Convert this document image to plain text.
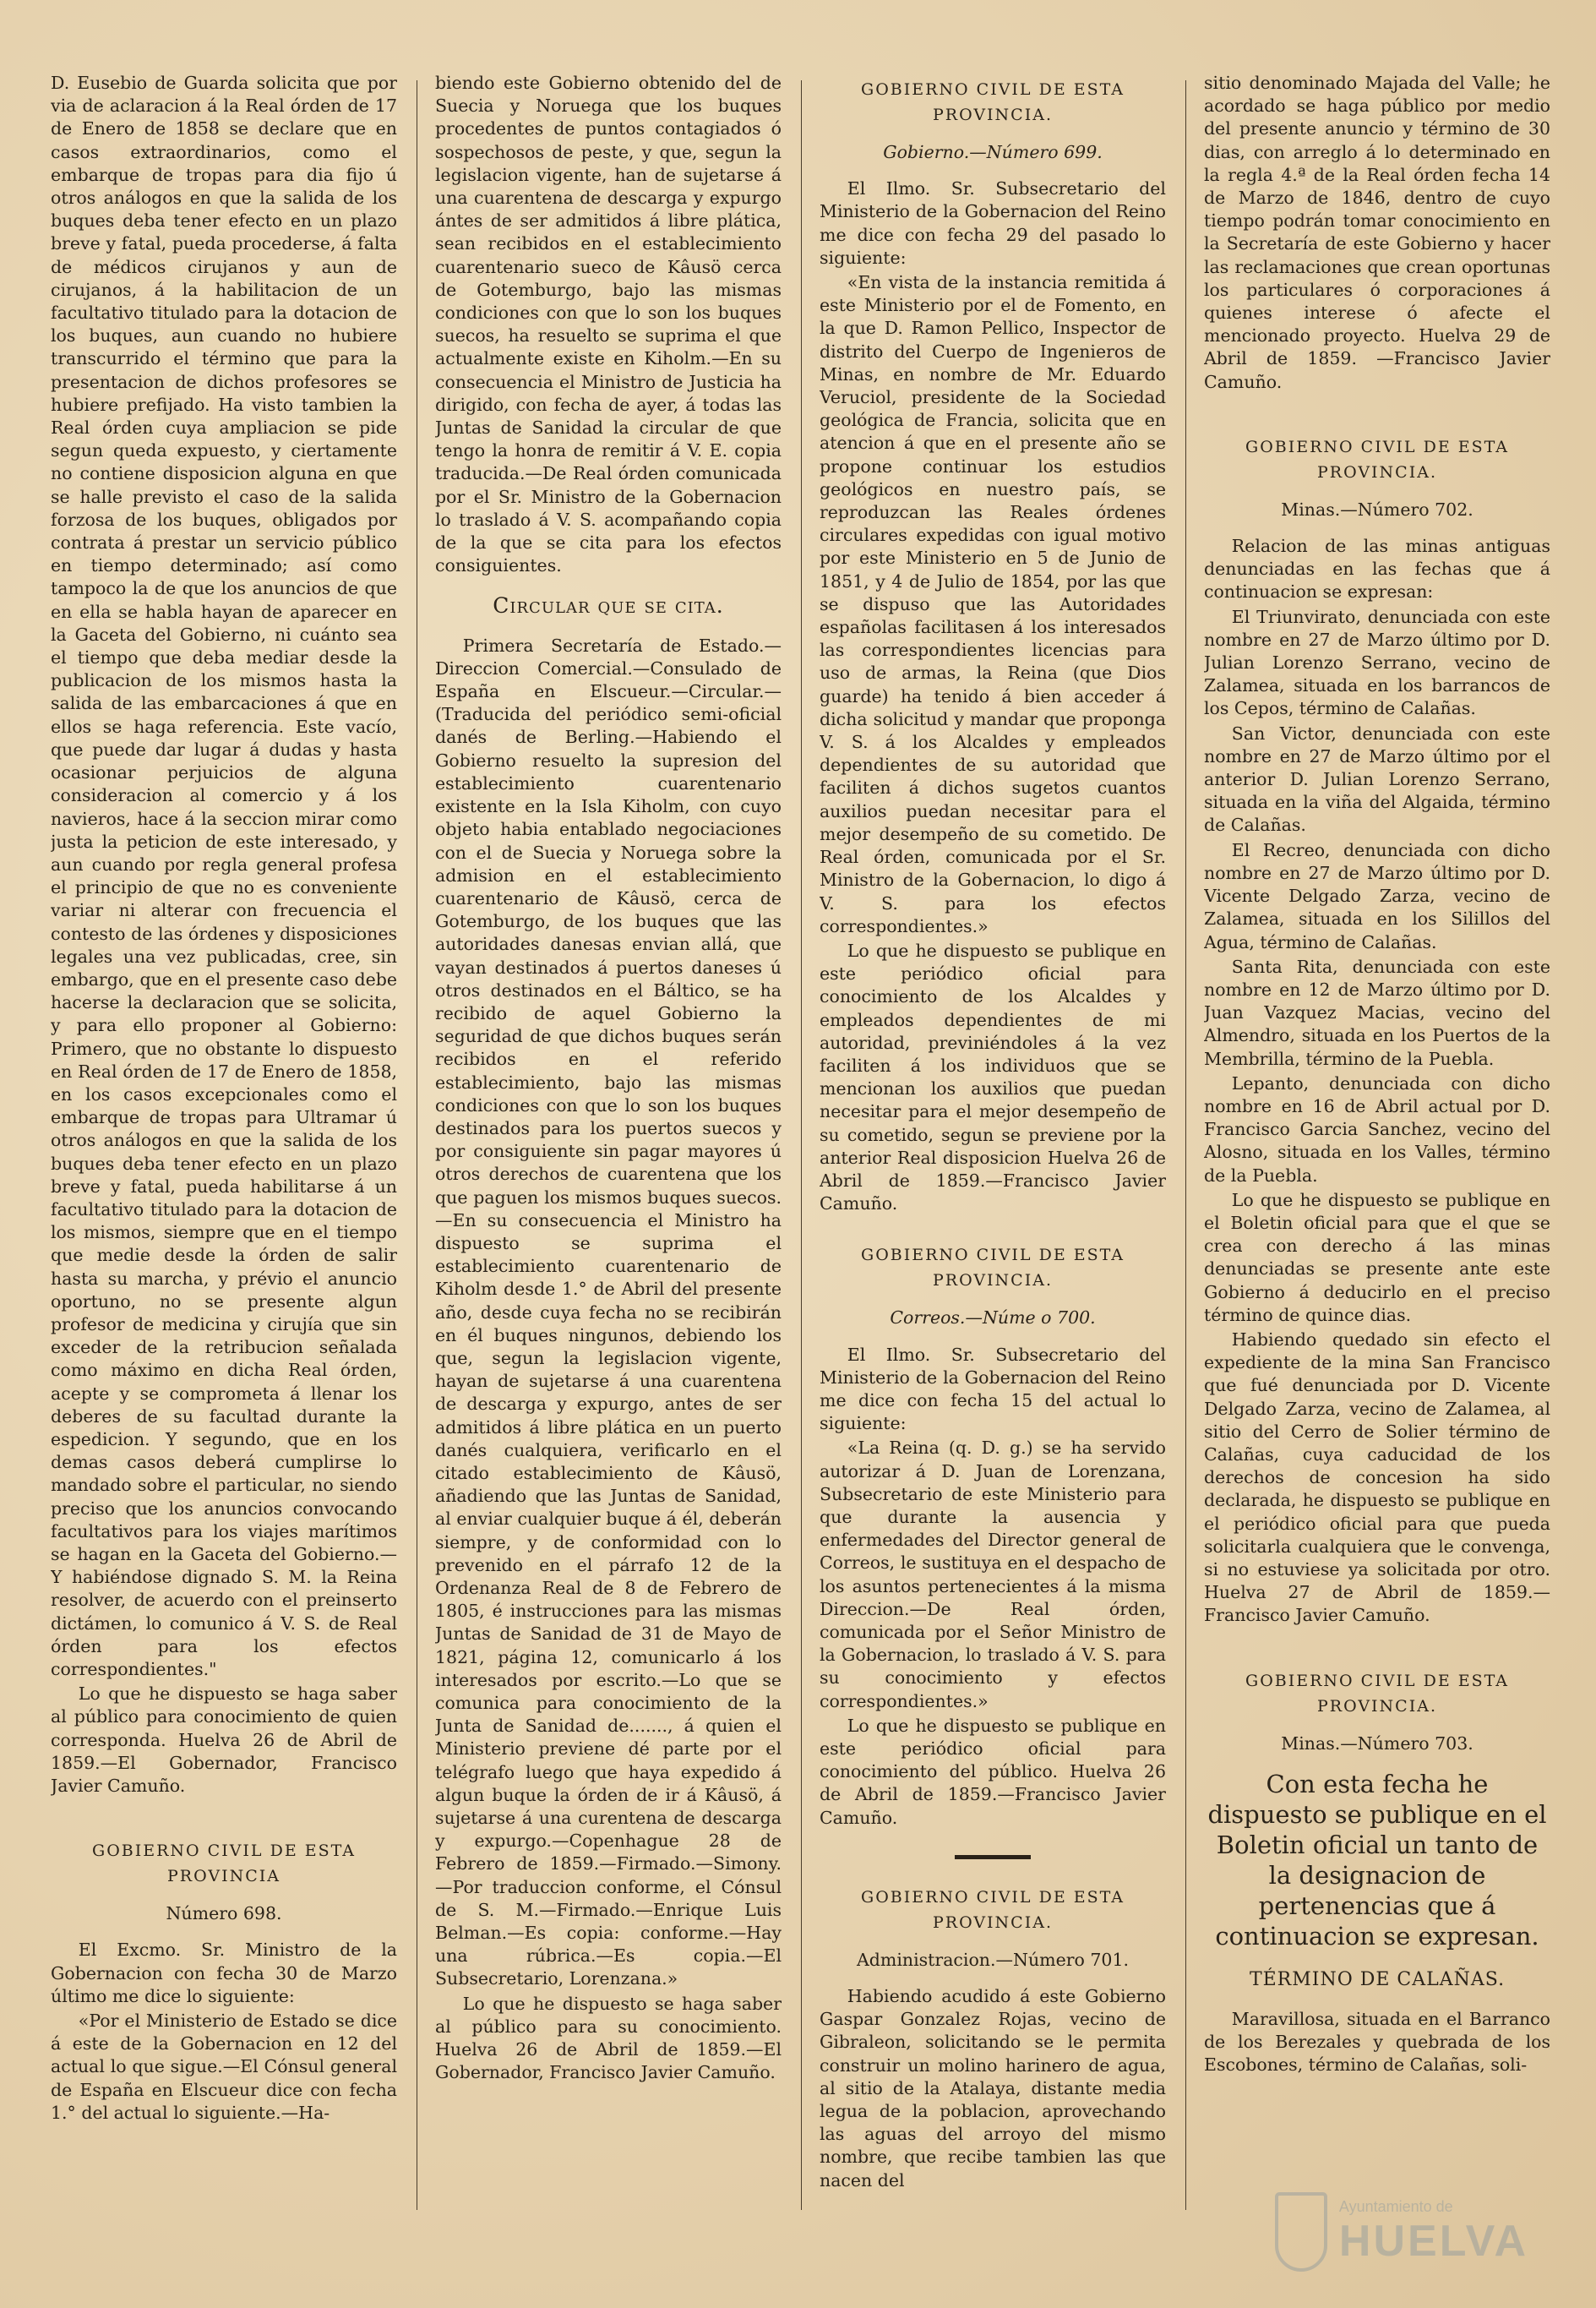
D. Eusebio de Guarda solicita que por via de aclaracion á la Real órden de 17 de Enero de 1858 se declare que en casos extraordinarios, como el embarque de tropas para dia fijo ú otros análogos en que la salida de los buques deba tener efecto en un plazo breve y fatal, pueda procederse, á falta de médicos cirujanos y aun de cirujanos, á la habilitacion de un facultativo titulado para la dotacion de los buques, aun cuando no hubiere transcurrido el término que para la presentacion de dichos profesores se hubiere prefijado. Ha visto tambien la Real órden cuya ampliacion se pide segun queda expuesto, y ciertamente no contiene disposicion alguna en que se halle previsto el caso de la salida forzosa de los buques, obligados por contrata á prestar un servicio público en tiempo determinado; así como tampoco la de que los anuncios de que en ella se habla hayan de aparecer en la Gaceta del Gobierno, ni cuánto sea el tiempo que deba mediar desde la publicacion de los mismos hasta la salida de las embarcaciones á que en ellos se haga referencia. Este vacío, que puede dar lugar á dudas y hasta ocasionar perjuicios de alguna consideracion al comercio y á los navieros, hace á la seccion mirar como justa la peticion de este interesado, y aun cuando por regla general profesa el principio de que no es conveniente variar ni alterar con frecuencia el contesto de las órdenes y disposiciones legales una vez publicadas, cree, sin embargo, que en el presente caso debe hacerse la declaracion que se solicita, y para ello proponer al Gobierno: Primero, que no obstante lo dispuesto en Real órden de 17 de Enero de 1858, en los casos excepcionales como el embarque de tropas para Ultramar ú otros análogos en que la salida de los buques deba tener efecto en un plazo breve y fatal, pueda habilitarse á un facultativo titulado para la dotacion de los mismos, siempre que en el tiempo que medie desde la órden de salir hasta su marcha, y prévio el anuncio oportuno, no se presente algun profesor de medicina y cirujía que sin exceder de la retribucion señalada como máximo en dicha Real órden, acepte y se comprometa á llenar los deberes de su facultad durante la espedicion. Y segundo, que en los demas casos deberá cumplirse lo mandado sobre el particular, no siendo preciso que los anuncios convocando facultativos para los viajes marítimos se hagan en la Gaceta del Gobierno.—Y habiéndose dignado S. M. la Reina resolver, de acuerdo con el preinserto dictámen, lo comunico á V. S. de Real órden para los efectos correspondientes."

Lo que he dispuesto se haga saber al público para conocimiento de quien corresponda. Huelva 26 de Abril de 1859.—El Gobernador, Francisco Javier Camuño.

GOBIERNO CIVIL DE ESTA PROVINCIA

Número 698.

El Excmo. Sr. Ministro de la Gobernacion con fecha 30 de Marzo último me dice lo siguiente:

«Por el Ministerio de Estado se dice á este de la Gobernacion en 12 del actual lo que sigue.—El Cónsul general de España en Elscueur dice con fecha 1.° del actual lo siguiente.—Ha-

biendo este Gobierno obtenido del de Suecia y Noruega que los buques procedentes de puntos contagiados ó sospechosos de peste, y que, segun la legislacion vigente, han de sujetarse á una cuarentena de descarga y expurgo ántes de ser admitidos á libre plática, sean recibidos en el establecimiento cuarentenario sueco de Kâusö cerca de Gotemburgo, bajo las mismas condiciones con que lo son los buques suecos, ha resuelto se suprima el que actualmente existe en Kiholm.—En su consecuencia el Ministro de Justicia ha dirigido, con fecha de ayer, á todas las Juntas de Sanidad la circular de que tengo la honra de remitir á V. E. copia traducida.—De Real órden comunicada por el Sr. Ministro de la Gobernacion lo traslado á V. S. acompañando copia de la que se cita para los efectos consiguientes.

Circular que se cita.

Primera Secretaría de Estado.—Direccion Comercial.—Consulado de España en Elscueur.—Circular.—(Traducida del periódico semi-oficial danés de Berling.—Habiendo el Gobierno resuelto la supresion del establecimiento cuarentenario existente en la Isla Kiholm, con cuyo objeto habia entablado negociaciones con el de Suecia y Noruega sobre la admision en el establecimiento cuarentenario de Kâusö, cerca de Gotemburgo, de los buques que las autoridades danesas envian allá, que vayan destinados á puertos daneses ú otros destinados en el Báltico, se ha recibido de aquel Gobierno la seguridad de que dichos buques serán recibidos en el referido establecimiento, bajo las mismas condiciones con que lo son los buques destinados para los puertos suecos y por consiguiente sin pagar mayores ú otros derechos de cuarentena que los que paguen los mismos buques suecos.—En su consecuencia el Ministro ha dispuesto se suprima el establecimiento cuarentenario de Kiholm desde 1.° de Abril del presente año, desde cuya fecha no se recibirán en él buques ningunos, debiendo los que, segun la legislacion vigente, hayan de sujetarse á una cuarentena de descarga y expurgo, antes de ser admitidos á libre plática en un puerto danés cualquiera, verificarlo en el citado establecimiento de Kâusö, añadiendo que las Juntas de Sanidad, al enviar cualquier buque á él, deberán siempre, y de conformidad con lo prevenido en el párrafo 12 de la Ordenanza Real de 8 de Febrero de 1805, é instrucciones para las mismas Juntas de Sanidad de 31 de Mayo de 1821, página 12, comunicarlo á los interesados por escrito.—Lo que se comunica para conocimiento de la Junta de Sanidad de......., á quien el Ministerio previene dé parte por el telégrafo luego que haya expedido á algun buque la órden de ir á Kâusö, á sujetarse á una curentena de descarga y expurgo.—Copenhague 28 de Febrero de 1859.—Firmado.—Simony.—Por traduccion conforme, el Cónsul de S. M.—Firmado.—Enrique Luis Belman.—Es copia: conforme.—Hay una rúbrica.—Es copia.—El Subsecretario, Lorenzana.»

Lo que he dispuesto se haga saber al público para su conocimiento. Huelva 26 de Abril de 1859.—El Gobernador, Francisco Javier Camuño.

GOBIERNO CIVIL DE ESTA PROVINCIA.

Gobierno.—Número 699.

El Ilmo. Sr. Subsecretario del Ministerio de la Gobernacion del Reino me dice con fecha 29 del pasado lo siguiente:

«En vista de la instancia remitida á este Ministerio por el de Fomento, en la que D. Ramon Pellico, Inspector de distrito del Cuerpo de Ingenieros de Minas, en nombre de Mr. Eduardo Veruciol, presidente de la Sociedad geológica de Francia, solicita que en atencion á que en el presente año se propone continuar los estudios geológicos en nuestro país, se reproduzcan las Reales órdenes circulares expedidas con igual motivo por este Ministerio en 5 de Junio de 1851, y 4 de Julio de 1854, por las que se dispuso que las Autoridades españolas facilitasen á los interesados las correspondientes licencias para uso de armas, la Reina (que Dios guarde) ha tenido á bien acceder á dicha solicitud y mandar que proponga V. S. á los Alcaldes y empleados dependientes de su autoridad que faciliten á dichos sugetos cuantos auxilios puedan necesitar para el mejor desempeño de su cometido. De Real órden, comunicada por el Sr. Ministro de la Gobernacion, lo digo á V. S. para los efectos correspondientes.»

Lo que he dispuesto se publique en este periódico oficial para conocimiento de los Alcaldes y empleados dependientes de mi autoridad, previniéndoles á la vez faciliten á los individuos que se mencionan los auxilios que puedan necesitar para el mejor desempeño de su cometido, segun se previene por la anterior Real disposicion Huelva 26 de Abril de 1859.—Francisco Javier Camuño.

GOBIERNO CIVIL DE ESTA PROVINCIA.

Correos.—Núme o 700.

El Ilmo. Sr. Subsecretario del Ministerio de la Gobernacion del Reino me dice con fecha 15 del actual lo siguiente:

«La Reina (q. D. g.) se ha servido autorizar á D. Juan de Lorenzana, Subsecretario de este Ministerio para que durante la ausencia y enfermedades del Director general de Correos, le sustituya en el despacho de los asuntos pertenecientes á la misma Direccion.—De Real órden, comunicada por el Señor Ministro de la Gobernacion, lo traslado á V. S. para su conocimiento y efectos correspondientes.»

Lo que he dispuesto se publique en este periódico oficial para conocimiento del público. Huelva 26 de Abril de 1859.—Francisco Javier Camuño.

GOBIERNO CIVIL DE ESTA PROVINCIA.

Administracion.—Número 701.

Habiendo acudido á este Gobierno Gaspar Gonzalez Rojas, vecino de Gibraleon, solicitando se le permita construir un molino harinero de agua, al sitio de la Atalaya, distante media legua de la poblacion, aprovechando las aguas del arroyo del mismo nombre, que recibe tambien las que nacen del

sitio denominado Majada del Valle; he acordado se haga público por medio del presente anuncio y término de 30 dias, con arreglo á lo determinado en la regla 4.ª de la Real órden fecha 14 de Marzo de 1846, dentro de cuyo tiempo podrán tomar conocimiento en la Secretaría de este Gobierno y hacer las reclamaciones que crean oportunas los particulares ó corporaciones á quienes interese ó afecte el mencionado proyecto. Huelva 29 de Abril de 1859. —Francisco Javier Camuño.

GOBIERNO CIVIL DE ESTA PROVINCIA.

Minas.—Número 702.

Relacion de las minas antiguas denunciadas en las fechas que á continuacion se expresan:

El Triunvirato, denunciada con este nombre en 27 de Marzo último por D. Julian Lorenzo Serrano, vecino de Zalamea, situada en los barrancos de los Cepos, término de Calañas.

San Victor, denunciada con este nombre en 27 de Marzo último por el anterior D. Julian Lorenzo Serrano, situada en la viña del Algaida, término de Calañas.

El Recreo, denunciada con dicho nombre en 27 de Marzo último por D. Vicente Delgado Zarza, vecino de Zalamea, situada en los Silillos del Agua, término de Calañas.

Santa Rita, denunciada con este nombre en 12 de Marzo último por D. Juan Vazquez Macias, vecino del Almendro, situada en los Puertos de la Membrilla, término de la Puebla.

Lepanto, denunciada con dicho nombre en 16 de Abril actual por D. Francisco Garcia Sanchez, vecino del Alosno, situada en los Valles, término de la Puebla.

Lo que he dispuesto se publique en el Boletin oficial para que el que se crea con derecho á las minas denunciadas se presente ante este Gobierno á deducirlo en el preciso término de quince dias.

Habiendo quedado sin efecto el expediente de la mina San Francisco que fué denunciada por D. Vicente Delgado Zarza, vecino de Zalamea, al sitio del Cerro de Solier término de Calañas, cuya caducidad de los derechos de concesion ha sido declarada, he dispuesto se publique en el periódico oficial para que pueda solicitarla cualquiera que le convenga, si no estuviese ya solicitada por otro. Huelva 27 de Abril de 1859.—Francisco Javier Camuño.

GOBIERNO CIVIL DE ESTA PROVINCIA.

Minas.—Número 703.

Con esta fecha he dispuesto se publique en el Boletin oficial un tanto de la designacion de pertenencias que á continuacion se expresan.

TÉRMINO DE CALAÑAS.

Maravillosa, situada en el Barranco de los Berezales y quebrada de los Escobones, término de Calañas, soli-

Ayuntamiento de
HUELVA
